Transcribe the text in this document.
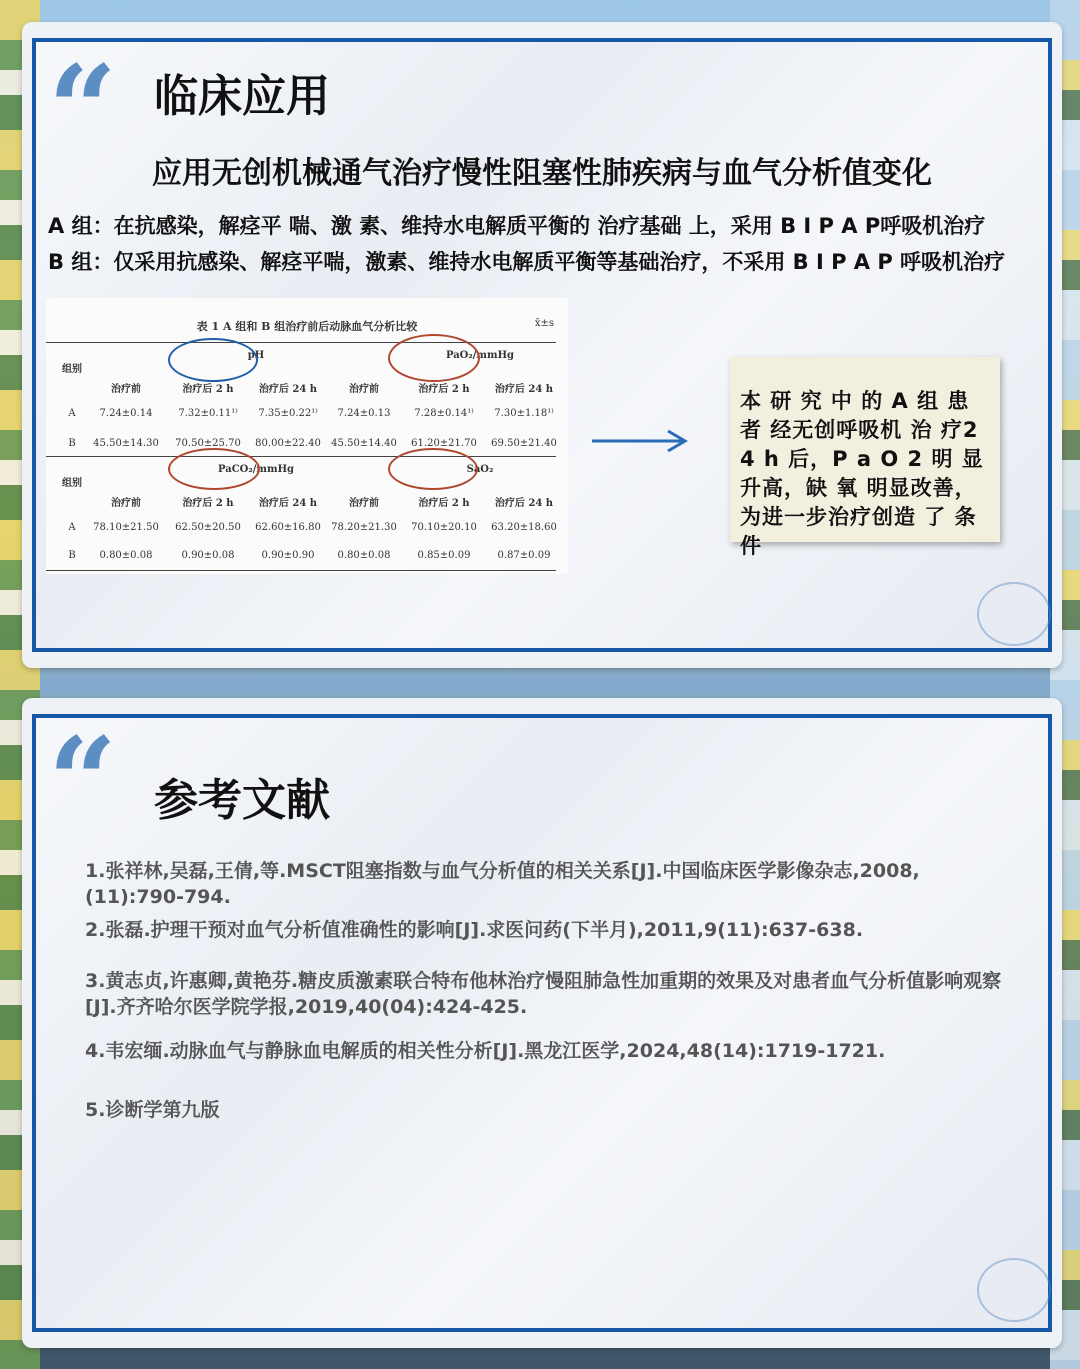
“ 临床应用
应用无创机械通气治疗慢性阻塞性肺疾病与血气分析值变化
A 组：在抗感染，解痉平 喘、激 素、维持水电解质平衡的 治疗基础 上，采用 B I P A P呼吸机治疗
B 组：仅采用抗感染、解痉平喘，激素、维持水电解质平衡等基础治疗，不采用 B I P A P 呼吸机治疗
表 1 A 组和 B 组治疗前后动脉血气分析比较	x̄±s
组别
pH	PaO₂/mmHg
治疗前	治疗后 2 h	治疗后 24 h	治疗前	治疗后 2 h	治疗后 24 h
A	7.24±0.14	7.32±0.11¹⁾	7.35±0.22¹⁾	7.24±0.13	7.28±0.14¹⁾	7.30±1.18¹⁾
B	45.50±14.30	70.50±25.70	80.00±22.40	45.50±14.40	61.20±21.70	69.50±21.40
组别
PaCO₂/mmHg	SaO₂
治疗前	治疗后 2 h	治疗后 24 h	治疗前	治疗后 2 h	治疗后 24 h
A	78.10±21.50	62.50±20.50	62.60±16.80	78.20±21.30	70.10±20.10	63.20±18.60
B	0.80±0.08	0.90±0.08	0.90±0.90	0.80±0.08	0.85±0.09	0.87±0.09

本 研 究 中 的 A 组 患 者 经无创呼吸机 治 疗2 4 h 后，P a O 2 明 显升高，缺 氧 明显改善，为进一步治疗创造 了 条 件

“ 参考文献
1.张祥林,吴磊,王倩,等.MSCT阻塞指数与血气分析值的相关关系[J].中国临床医学影像杂志,2008,(11):790-794.
2.张磊.护理干预对血气分析值准确性的影响[J].求医问药(下半月),2011,9(11):637-638.
3.黄志贞,许惠卿,黄艳芬.糖皮质激素联合特布他林治疗慢阻肺急性加重期的效果及对患者血气分析值影响观察[J].齐齐哈尔医学院学报,2019,40(04):424-425.
4.韦宏缅.动脉血气与静脉血电解质的相关性分析[J].黑龙江医学,2024,48(14):1719-1721.
5.诊断学第九版
